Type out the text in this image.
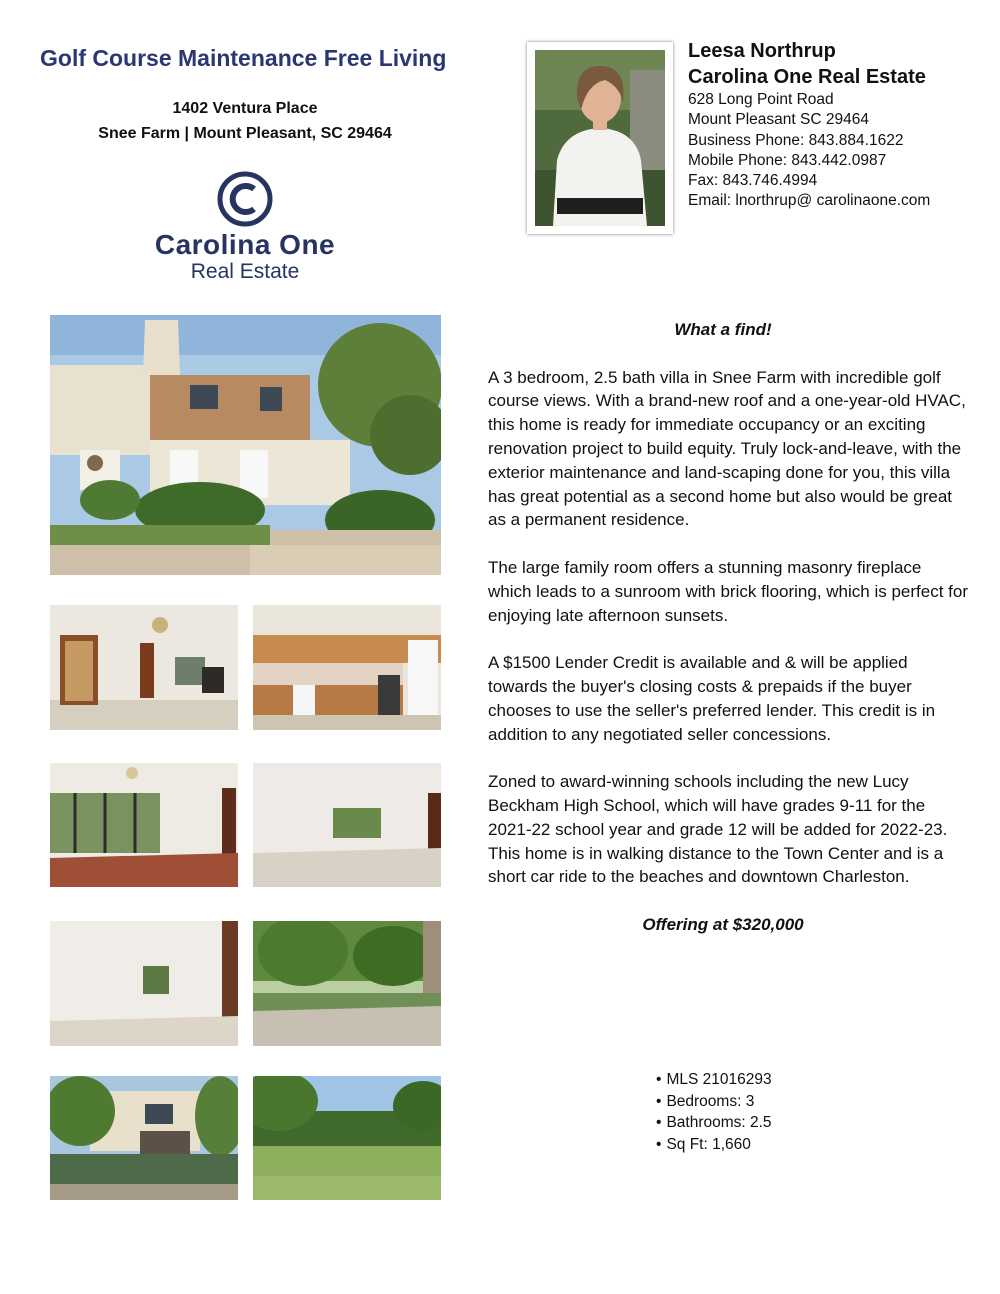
Golf Course Maintenance Free Living
1402 Ventura Place
Snee Farm | Mount Pleasant, SC 29464
Carolina One
Real Estate
Leesa Northrup
Carolina One Real Estate
628 Long Point Road
Mount Pleasant SC 29464
Business Phone: 843.884.1622
Mobile Phone: 843.442.0987
Fax: 843.746.4994
Email: lnorthrup@ carolinaone.com

What a find!

A 3 bedroom, 2.5 bath villa in Snee Farm with incredible golf course views. With a brand-new roof and a one-year-old HVAC, this home is ready for immediate occupancy or an exciting renovation project to build equity. Truly lock-and-leave, with the exterior maintenance and land-scaping done for you, this villa has great potential as a second home but also would be great as a permanent residence.

The large family room offers a stunning masonry fireplace which leads to a sunroom with brick flooring, which is perfect for enjoying late afternoon sunsets.

A $1500 Lender Credit is available and & will be applied towards the buyer's closing costs & prepaids if the buyer chooses to use the seller's preferred lender. This credit is in addition to any negotiated seller concessions.

Zoned to award-winning schools including the new Lucy Beckham High School, which will have grades 9-11 for the 2021-22 school year and grade 12 will be added for 2022-23. This home is in walking distance to the Town Center and is a short car ride to the beaches and downtown Charleston.

Offering at $320,000

• MLS 21016293
• Bedrooms: 3
• Bathrooms: 2.5
• Sq Ft: 1,660
